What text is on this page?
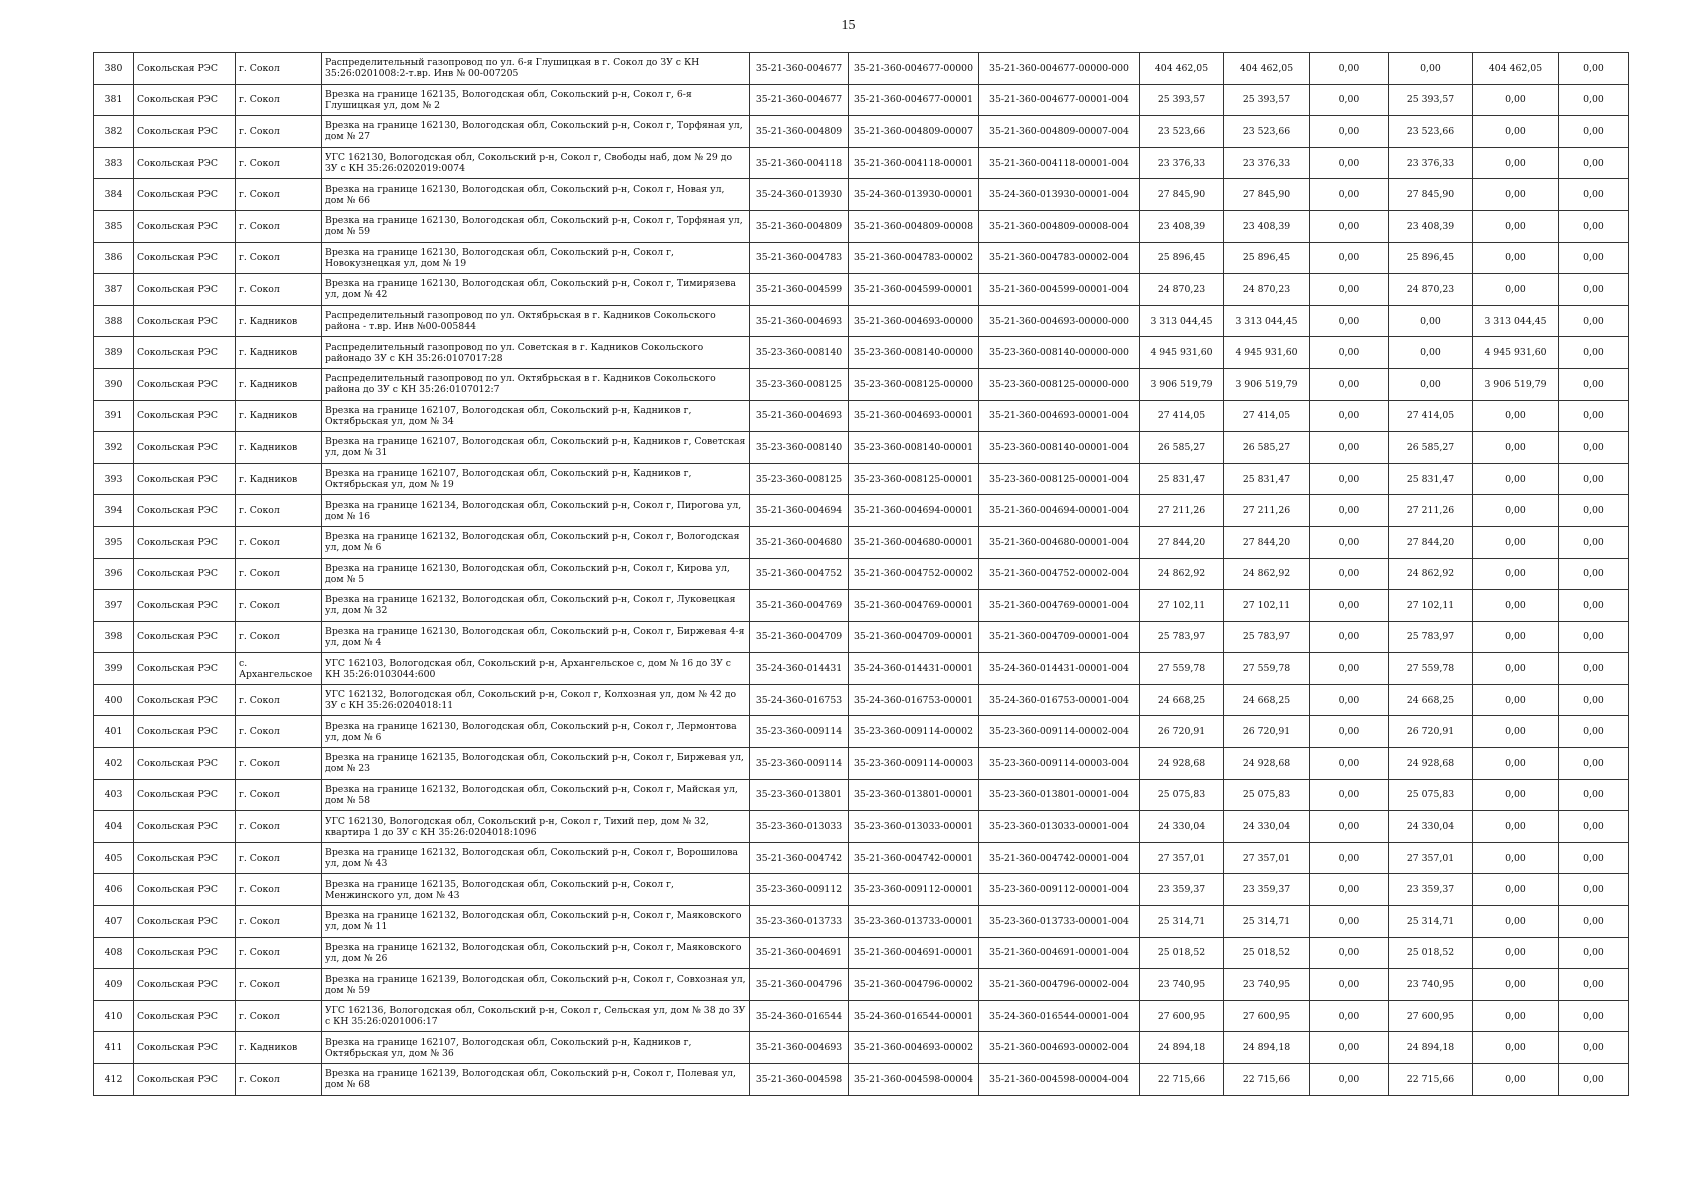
15
380	Сокольская РЭС	г. Сокол	Распределительный газопровод по ул. 6-я Глушицкая в г. Сокол до ЗУ с КН 35:26:0201008:2-т.вр. Инв № 00-007205	35-21-360-004677	35-21-360-004677-00000	35-21-360-004677-00000-000	404 462,05	404 462,05	0,00	0,00	404 462,05	0,00
381	Сокольская РЭС	г. Сокол	Врезка на границе 162135, Вологодская обл, Сокольский р-н, Сокол г, 6-я Глушицкая ул, дом № 2	35-21-360-004677	35-21-360-004677-00001	35-21-360-004677-00001-004	25 393,57	25 393,57	0,00	25 393,57	0,00	0,00
382	Сокольская РЭС	г. Сокол	Врезка на границе 162130, Вологодская обл, Сокольский р-н, Сокол г, Торфяная ул, дом № 27	35-21-360-004809	35-21-360-004809-00007	35-21-360-004809-00007-004	23 523,66	23 523,66	0,00	23 523,66	0,00	0,00
383	Сокольская РЭС	г. Сокол	УГС 162130, Вологодская обл, Сокольский р-н, Сокол г, Свободы наб, дом № 29 до ЗУ с КН 35:26:0202019:0074	35-21-360-004118	35-21-360-004118-00001	35-21-360-004118-00001-004	23 376,33	23 376,33	0,00	23 376,33	0,00	0,00
384	Сокольская РЭС	г. Сокол	Врезка на границе 162130, Вологодская обл, Сокольский р-н, Сокол г, Новая ул, дом № 66	35-24-360-013930	35-24-360-013930-00001	35-24-360-013930-00001-004	27 845,90	27 845,90	0,00	27 845,90	0,00	0,00
385	Сокольская РЭС	г. Сокол	Врезка на границе 162130, Вологодская обл, Сокольский р-н, Сокол г, Торфяная ул, дом № 59	35-21-360-004809	35-21-360-004809-00008	35-21-360-004809-00008-004	23 408,39	23 408,39	0,00	23 408,39	0,00	0,00
386	Сокольская РЭС	г. Сокол	Врезка на границе 162130, Вологодская обл, Сокольский р-н, Сокол г, Новокузнецкая ул, дом № 19	35-21-360-004783	35-21-360-004783-00002	35-21-360-004783-00002-004	25 896,45	25 896,45	0,00	25 896,45	0,00	0,00
387	Сокольская РЭС	г. Сокол	Врезка на границе 162130, Вологодская обл, Сокольский р-н, Сокол г, Тимирязева ул, дом № 42	35-21-360-004599	35-21-360-004599-00001	35-21-360-004599-00001-004	24 870,23	24 870,23	0,00	24 870,23	0,00	0,00
388	Сокольская РЭС	г. Кадников	Распределительный газопровод по ул. Октябрьская в г. Кадников Сокольского района - т.вр. Инв №00-005844	35-21-360-004693	35-21-360-004693-00000	35-21-360-004693-00000-000	3 313 044,45	3 313 044,45	0,00	0,00	3 313 044,45	0,00
389	Сокольская РЭС	г. Кадников	Распределительный газопровод по ул. Советская в г. Кадников Сокольского районадо ЗУ с КН 35:26:0107017:28	35-23-360-008140	35-23-360-008140-00000	35-23-360-008140-00000-000	4 945 931,60	4 945 931,60	0,00	0,00	4 945 931,60	0,00
390	Сокольская РЭС	г. Кадников	Распределительный газопровод по ул. Октябрьская в г. Кадников Сокольского района до ЗУ с КН 35:26:0107012:7	35-23-360-008125	35-23-360-008125-00000	35-23-360-008125-00000-000	3 906 519,79	3 906 519,79	0,00	0,00	3 906 519,79	0,00
391	Сокольская РЭС	г. Кадников	Врезка на границе 162107, Вологодская обл, Сокольский р-н, Кадников г, Октябрьская ул, дом № 34	35-21-360-004693	35-21-360-004693-00001	35-21-360-004693-00001-004	27 414,05	27 414,05	0,00	27 414,05	0,00	0,00
392	Сокольская РЭС	г. Кадников	Врезка на границе 162107, Вологодская обл, Сокольский р-н, Кадников г, Советская ул, дом № 31	35-23-360-008140	35-23-360-008140-00001	35-23-360-008140-00001-004	26 585,27	26 585,27	0,00	26 585,27	0,00	0,00
393	Сокольская РЭС	г. Кадников	Врезка на границе 162107, Вологодская обл, Сокольский р-н, Кадников г, Октябрьская ул, дом № 19	35-23-360-008125	35-23-360-008125-00001	35-23-360-008125-00001-004	25 831,47	25 831,47	0,00	25 831,47	0,00	0,00
394	Сокольская РЭС	г. Сокол	Врезка на границе 162134, Вологодская обл, Сокольский р-н, Сокол г, Пирогова ул, дом № 16	35-21-360-004694	35-21-360-004694-00001	35-21-360-004694-00001-004	27 211,26	27 211,26	0,00	27 211,26	0,00	0,00
395	Сокольская РЭС	г. Сокол	Врезка на границе 162132, Вологодская обл, Сокольский р-н, Сокол г, Вологодская ул, дом № 6	35-21-360-004680	35-21-360-004680-00001	35-21-360-004680-00001-004	27 844,20	27 844,20	0,00	27 844,20	0,00	0,00
396	Сокольская РЭС	г. Сокол	Врезка на границе 162130, Вологодская обл, Сокольский р-н, Сокол г, Кирова ул, дом № 5	35-21-360-004752	35-21-360-004752-00002	35-21-360-004752-00002-004	24 862,92	24 862,92	0,00	24 862,92	0,00	0,00
397	Сокольская РЭС	г. Сокол	Врезка на границе 162132, Вологодская обл, Сокольский р-н, Сокол г, Луковецкая ул, дом № 32	35-21-360-004769	35-21-360-004769-00001	35-21-360-004769-00001-004	27 102,11	27 102,11	0,00	27 102,11	0,00	0,00
398	Сокольская РЭС	г. Сокол	Врезка на границе 162130, Вологодская обл, Сокольский р-н, Сокол г, Биржевая 4-я ул, дом № 4	35-21-360-004709	35-21-360-004709-00001	35-21-360-004709-00001-004	25 783,97	25 783,97	0,00	25 783,97	0,00	0,00
399	Сокольская РЭС	с. Архангельское	УГС 162103, Вологодская обл, Сокольский р-н, Архангельское с, дом № 16 до ЗУ с КН 35:26:0103044:600	35-24-360-014431	35-24-360-014431-00001	35-24-360-014431-00001-004	27 559,78	27 559,78	0,00	27 559,78	0,00	0,00
400	Сокольская РЭС	г. Сокол	УГС 162132, Вологодская обл, Сокольский р-н, Сокол г, Колхозная ул, дом № 42 до ЗУ с КН 35:26:0204018:11	35-24-360-016753	35-24-360-016753-00001	35-24-360-016753-00001-004	24 668,25	24 668,25	0,00	24 668,25	0,00	0,00
401	Сокольская РЭС	г. Сокол	Врезка на границе 162130, Вологодская обл, Сокольский р-н, Сокол г, Лермонтова ул, дом № 6	35-23-360-009114	35-23-360-009114-00002	35-23-360-009114-00002-004	26 720,91	26 720,91	0,00	26 720,91	0,00	0,00
402	Сокольская РЭС	г. Сокол	Врезка на границе 162135, Вологодская обл, Сокольский р-н, Сокол г, Биржевая ул, дом № 23	35-23-360-009114	35-23-360-009114-00003	35-23-360-009114-00003-004	24 928,68	24 928,68	0,00	24 928,68	0,00	0,00
403	Сокольская РЭС	г. Сокол	Врезка на границе 162132, Вологодская обл, Сокольский р-н, Сокол г, Майская ул, дом № 58	35-23-360-013801	35-23-360-013801-00001	35-23-360-013801-00001-004	25 075,83	25 075,83	0,00	25 075,83	0,00	0,00
404	Сокольская РЭС	г. Сокол	УГС 162130, Вологодская обл, Сокольский р-н, Сокол г, Тихий пер, дом № 32, квартира 1 до ЗУ с КН 35:26:0204018:1096	35-23-360-013033	35-23-360-013033-00001	35-23-360-013033-00001-004	24 330,04	24 330,04	0,00	24 330,04	0,00	0,00
405	Сокольская РЭС	г. Сокол	Врезка на границе 162132, Вологодская обл, Сокольский р-н, Сокол г, Ворошилова ул, дом № 43	35-21-360-004742	35-21-360-004742-00001	35-21-360-004742-00001-004	27 357,01	27 357,01	0,00	27 357,01	0,00	0,00
406	Сокольская РЭС	г. Сокол	Врезка на границе 162135, Вологодская обл, Сокольский р-н, Сокол г, Менжинского ул, дом № 43	35-23-360-009112	35-23-360-009112-00001	35-23-360-009112-00001-004	23 359,37	23 359,37	0,00	23 359,37	0,00	0,00
407	Сокольская РЭС	г. Сокол	Врезка на границе 162132, Вологодская обл, Сокольский р-н, Сокол г, Маяковского ул, дом № 11	35-23-360-013733	35-23-360-013733-00001	35-23-360-013733-00001-004	25 314,71	25 314,71	0,00	25 314,71	0,00	0,00
408	Сокольская РЭС	г. Сокол	Врезка на границе 162132, Вологодская обл, Сокольский р-н, Сокол г, Маяковского ул, дом № 26	35-21-360-004691	35-21-360-004691-00001	35-21-360-004691-00001-004	25 018,52	25 018,52	0,00	25 018,52	0,00	0,00
409	Сокольская РЭС	г. Сокол	Врезка на границе 162139, Вологодская обл, Сокольский р-н, Сокол г, Совхозная ул, дом № 59	35-21-360-004796	35-21-360-004796-00002	35-21-360-004796-00002-004	23 740,95	23 740,95	0,00	23 740,95	0,00	0,00
410	Сокольская РЭС	г. Сокол	УГС 162136, Вологодская обл, Сокольский р-н, Сокол г, Сельская ул, дом № 38 до ЗУ с КН 35:26:0201006:17	35-24-360-016544	35-24-360-016544-00001	35-24-360-016544-00001-004	27 600,95	27 600,95	0,00	27 600,95	0,00	0,00
411	Сокольская РЭС	г. Кадников	Врезка на границе 162107, Вологодская обл, Сокольский р-н, Кадников г, Октябрьская ул, дом № 36	35-21-360-004693	35-21-360-004693-00002	35-21-360-004693-00002-004	24 894,18	24 894,18	0,00	24 894,18	0,00	0,00
412	Сокольская РЭС	г. Сокол	Врезка на границе 162139, Вологодская обл, Сокольский р-н, Сокол г, Полевая ул, дом № 68	35-21-360-004598	35-21-360-004598-00004	35-21-360-004598-00004-004	22 715,66	22 715,66	0,00	22 715,66	0,00	0,00
